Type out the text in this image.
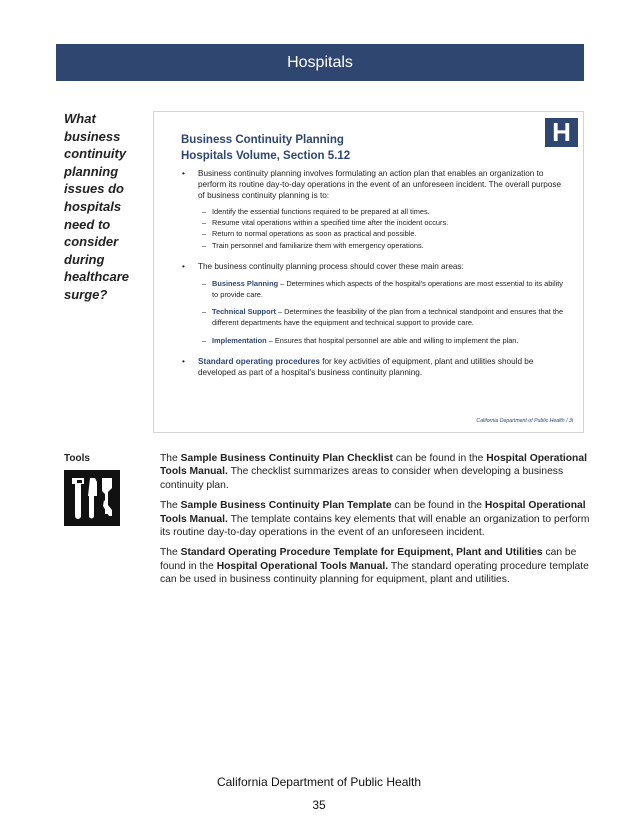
Hospitals
What business continuity planning issues do hospitals need to consider during healthcare surge?
H
Business Continuity Planning
Hospitals Volume, Section 5.12

• Business continuity planning involves formulating an action plan that enables an organization to perform its routine day-to-day operations in the event of an unforeseen incident. The overall purpose of business continuity planning is to:

– Identify the essential functions required to be prepared at all times.

– Resume vital operations within a specified time after the incident occurs.

– Return to normal operations as soon as practical and possible.

– Train personnel and familiarize them with emergency operations.

• The business continuity planning process should cover these main areas:

– Business Planning – Determines which aspects of the hospital's operations are most essential to its ability to provide care.

– Technical Support – Determines the feasibility of the plan from a technical standpoint and ensures that the different departments have the equipment and technical support to provide care.

– Implementation – Ensures that hospital personnel are able and willing to implement the plan.

• Standard operating procedures for key activities of equipment, plant and utilities should be developed as part of a hospital's business continuity planning.

California Department of Public Health / 3i
Tools	The Sample Business Continuity Plan Checklist can be found in the Hospital Operational Tools Manual. The checklist summarizes areas to consider when developing a business continuity plan.

The Sample Business Continuity Plan Template can be found in the Hospital Operational Tools Manual. The template contains key elements that will enable an organization to perform its routine day-to-day operations in the event of an unforeseen incident.

The Standard Operating Procedure Template for Equipment, Plant and Utilities can be found in the Hospital Operational Tools Manual. The standard operating procedure template can be used in business continuity planning for equipment, plant and utilities.

California Department of Public Health
35
